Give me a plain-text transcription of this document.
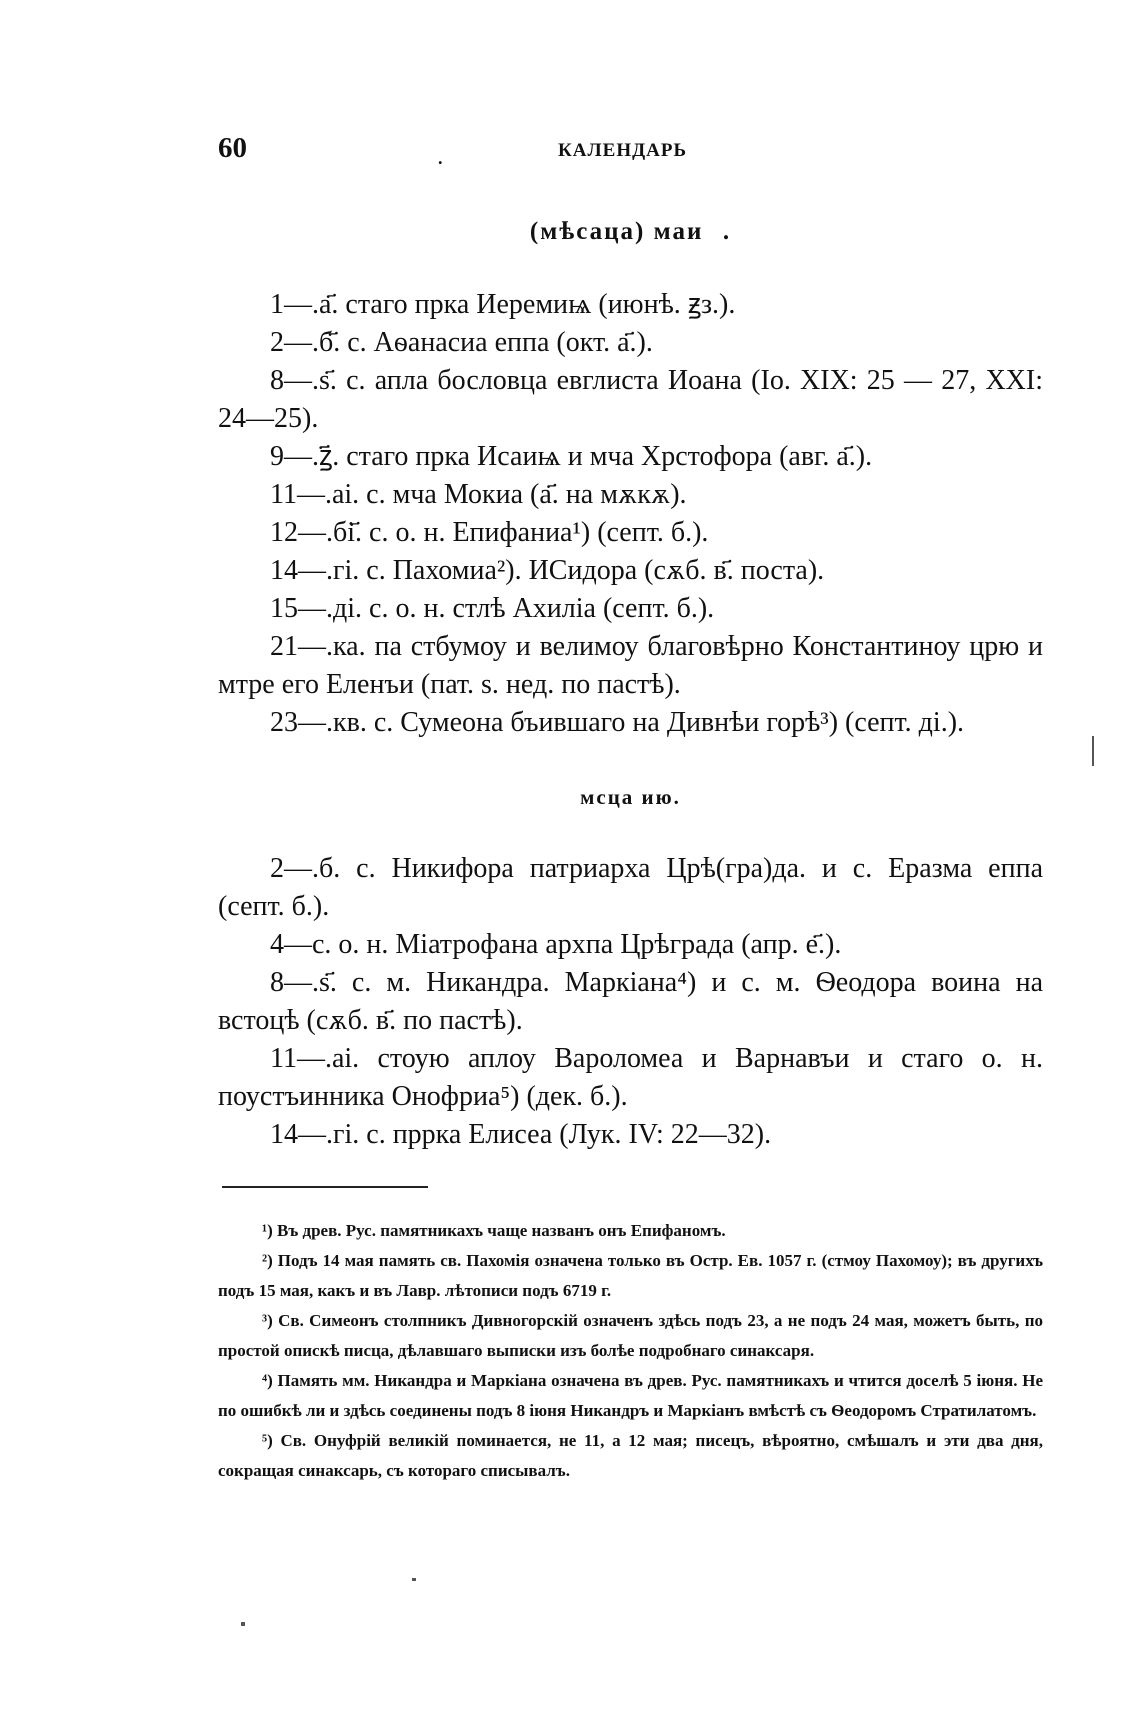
60	.	КАЛЕНДАРЬ
(мѣсаца) маи꙯.

1—.а҃. стаго прка Иеремиѩ (июнѣ. ꙃз.).

2—.б҃. с. Аѳанасиа еппа (окт. а҃.).

8—.ѕ҃. с. апла бословца евглиста Иоана (Іо. XIX: 25 — 27, XXI: 24—25).

9—.ꙁ҃. стаго прка Исаиѩ и мча Хрстофора (авг. а҃.).

11—.аі. с. мча Мокиа (а҃. на мѫкѫ).

12—.бі҃. с. о. н. Епифаниа¹) (септ. б.).

14—.гі. с. Пахомиа²). ИСидора (сѫб. в҃. поста).

15—.ді. с. о. н. стлѣ Ахиліа (септ. б.).

21—.ка. па стбумоу и велимоу благовѣрно Константиноу црю и мтре его Еленъи (пат. ѕ. нед. по пастѣ).

23—.кв. с. Сумеона бъившаго на Дивнѣи горѣ³) (септ. ді.).

мсца ию.

2—.б. с. Никифора патриарха Црѣ(гра)да. и с. Еразма еппа (септ. б.).

4—с. о. н. Міатрофана архпа Црѣграда (апр. е҃.).

8—.ѕ҃. с. м. Никандра. Маркіана⁴) и с. м. Ѳеодора воина на встоцѣ (сѫб. в҃. по пастѣ).

11—.аі. стоую аплоу Вароломеа и Варнавъи и стаго о. н. поустъинника Онофриа⁵) (дек. б.).

14—.гі. с. пррка Елисеа (Лук. IV: 22—32).

¹) Въ древ. Рус. памятникахъ чаще названъ онъ Епифаномъ.

²) Подъ 14 мая память св. Пахомія означена только въ Остр. Ев. 1057 г. (стмоу Пахомоу); въ другихъ подъ 15 мая, какъ и въ Лавр. лѣтописи подъ 6719 г.

³) Св. Симеонъ столпникъ Дивногорскій означенъ здѣсь подъ 23, а не подъ 24 мая, можетъ быть, по простой опискѣ писца, дѣлавшаго выписки изъ болѣе подробнаго синаксаря.

⁴) Память мм. Никандра и Маркіана означена въ древ. Рус. памятникахъ и чтится доселѣ 5 іюня. Не по ошибкѣ ли и здѣсь соединены подъ 8 іюня Никандръ и Маркіанъ вмѣстѣ съ Ѳеодоромъ Стратилатомъ.

⁵) Св. Онуфрій великій поминается, не 11, а 12 мая; писецъ, вѣроятно, смѣшалъ и эти два дня, сокращая синаксарь, съ котораго списывалъ.
